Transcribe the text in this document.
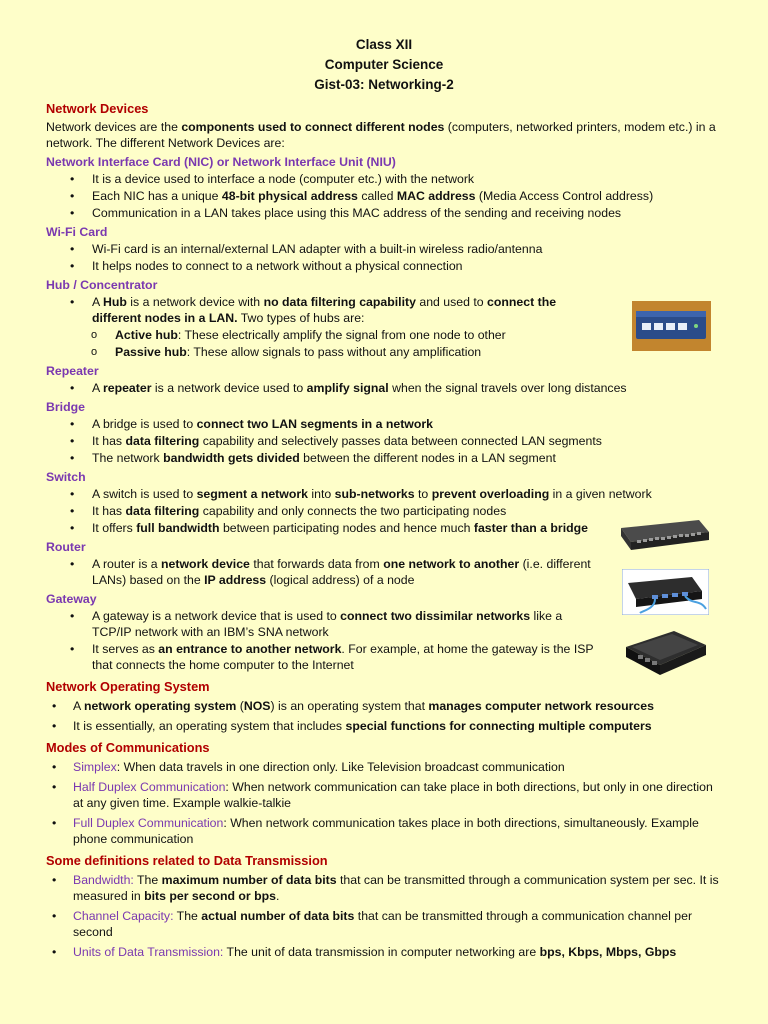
Class XII
Computer Science
Gist-03: Networking-2
Network Devices

Network devices are the components used to connect different nodes (computers, networked printers, modem etc.) in a network. The different Network Devices are:

Network Interface Card (NIC) or Network Interface Unit (NIU)
• It is a device used to interface a node (computer etc.) with the network
• Each NIC has a unique 48-bit physical address called MAC address (Media Access Control address)
• Communication in a LAN takes place using this MAC address of the sending and receiving nodes
Wi-Fi Card
• Wi-Fi card is an internal/external LAN adapter with a built-in wireless radio/antenna
• It helps nodes to connect to a network without a physical connection
Hub / Concentrator
• A Hub is a network device with no data filtering capability and used to connect the different nodes in a LAN. Two types of hubs are:
o Active hub: These electrically amplify the signal from one node to other
o Passive hub: These allow signals to pass without any amplification
Repeater
• A repeater is a network device used to amplify signal when the signal travels over long distances
Bridge
• A bridge is used to connect two LAN segments in a network
• It has data filtering capability and selectively passes data between connected LAN segments
• The network bandwidth gets divided between the different nodes in a LAN segment
Switch
• A switch is used to segment a network into sub-networks to prevent overloading in a given network
• It has data filtering capability and only connects the two participating nodes
• It offers full bandwidth between participating nodes and hence much faster than a bridge
Router
• A router is a network device that forwards data from one network to another (i.e. different LANs) based on the IP address (logical address) of a node
Gateway
• A gateway is a network device that is used to connect two dissimilar networks like a TCP/IP network with an IBM’s SNA network
• It serves as an entrance to another network. For example, at home the gateway is the ISP that connects the home computer to the Internet
Network Operating System
• A network operating system (NOS) is an operating system that manages computer network resources
• It is essentially, an operating system that includes special functions for connecting multiple computers
Modes of Communications
• Simplex: When data travels in one direction only. Like Television broadcast communication
• Half Duplex Communication: When network communication can take place in both directions, but only in one direction at any given time. Example walkie-talkie
• Full Duplex Communication: When network communication takes place in both directions, simultaneously. Example phone communication
Some definitions related to Data Transmission
• Bandwidth: The maximum number of data bits that can be transmitted through a communication system per sec. It is measured in bits per second or bps.
• Channel Capacity: The actual number of data bits that can be transmitted through a communication channel per second
• Units of Data Transmission: The unit of data transmission in computer networking are bps, Kbps, Mbps, Gbps
